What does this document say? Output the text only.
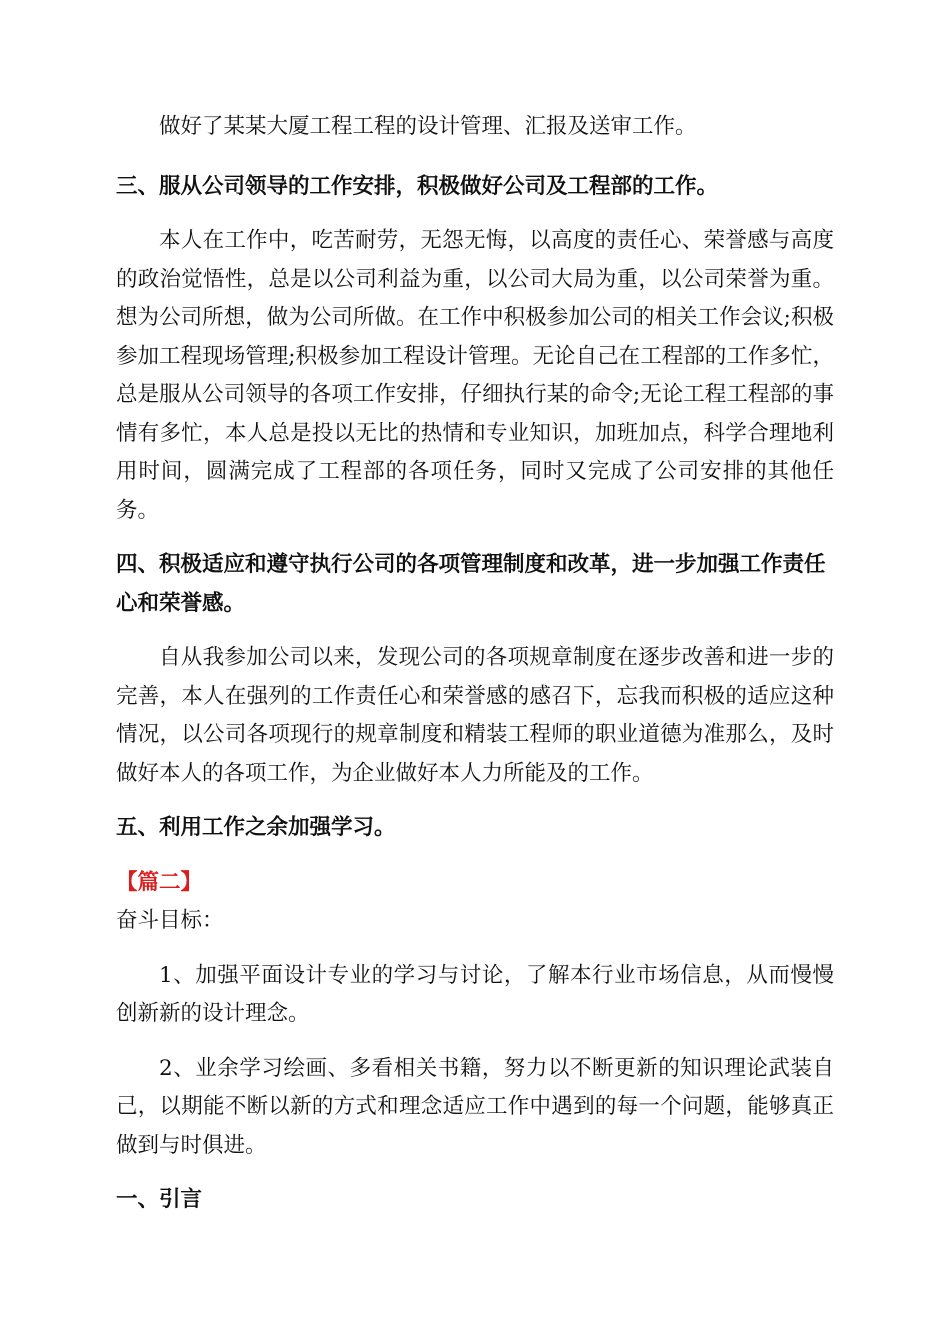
做好了某某大厦工程工程的设计管理、汇报及送审工作。

三、服从公司领导的工作安排，积极做好公司及工程部的工作。

本人在工作中，吃苦耐劳，无怨无悔，以高度的责任心、荣誉感与高度的政治觉悟性，总是以公司利益为重，以公司大局为重，以公司荣誉为重。想为公司所想，做为公司所做。在工作中积极参加公司的相关工作会议;积极参加工程现场管理;积极参加工程设计管理。无论自己在工程部的工作多忙，总是服从公司领导的各项工作安排，仔细执行某的命令;无论工程工程部的事情有多忙，本人总是投以无比的热情和专业知识，加班加点，科学合理地利用时间，圆满完成了工程部的各项任务，同时又完成了公司安排的其他任务。

四、积极适应和遵守执行公司的各项管理制度和改革，进一步加强工作责任心和荣誉感。

自从我参加公司以来，发现公司的各项规章制度在逐步改善和进一步的完善，本人在强列的工作责任心和荣誉感的感召下，忘我而积极的适应这种情况，以公司各项现行的规章制度和精装工程师的职业道德为准那么，及时做好本人的各项工作，为企业做好本人力所能及的工作。

五、利用工作之余加强学习。

【篇二】

奋斗目标：

1、加强平面设计专业的学习与讨论，了解本行业市场信息，从而慢慢创新新的设计理念。

2、业余学习绘画、多看相关书籍，努力以不断更新的知识理论武装自己，以期能不断以新的方式和理念适应工作中遇到的每一个问题，能够真正做到与时俱进。

一、引言
